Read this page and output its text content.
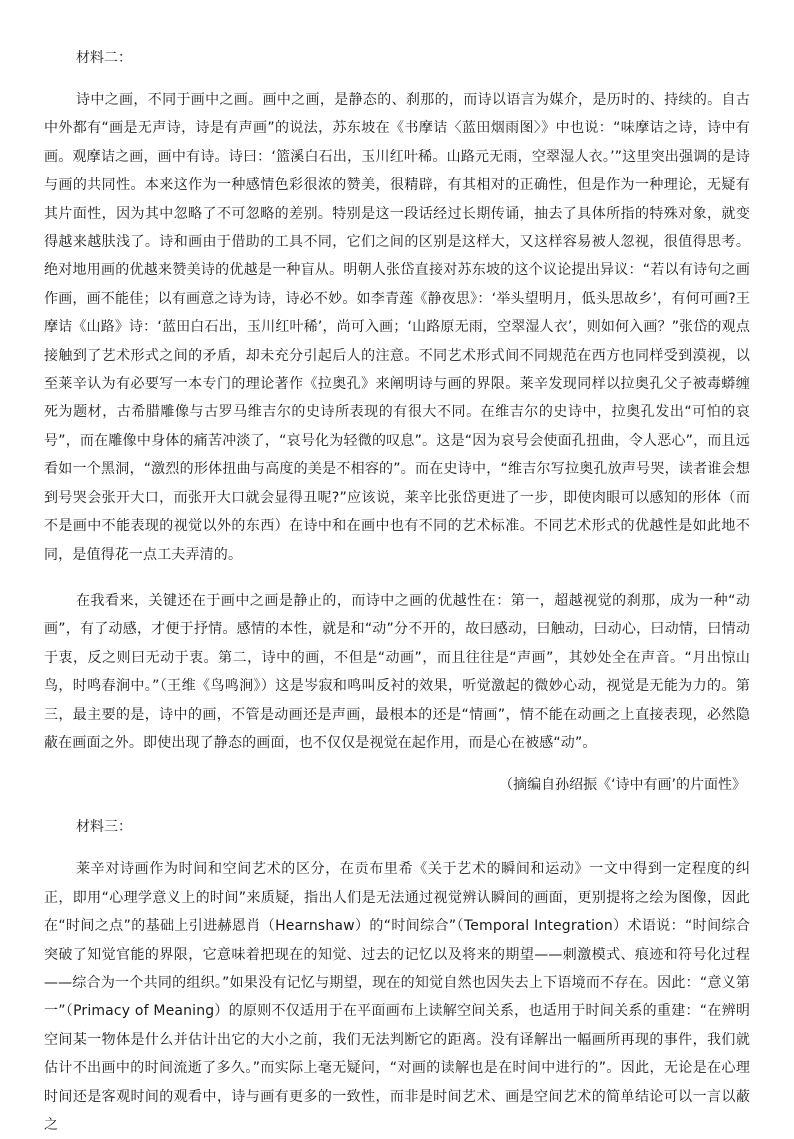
材料二：

诗中之画，不同于画中之画。画中之画，是静态的、刹那的，而诗以语言为媒介，是历时的、持续的。自古中外都有“画是无声诗，诗是有声画”的说法，苏东坡在《书摩诘〈蓝田烟雨图〉》中也说：“味摩诘之诗，诗中有画。观摩诘之画，画中有诗。诗曰：‘篮溪白石出，玉川红叶稀。山路元无雨，空翠湿人衣。’”这里突出强调的是诗与画的共同性。本来这作为一种感情色彩很浓的赞美，很精辟，有其相对的正确性，但是作为一种理论，无疑有其片面性，因为其中忽略了不可忽略的差别。特别是这一段话经过长期传诵，抽去了具体所指的特殊对象，就变得越来越肤浅了。诗和画由于借助的工具不同，它们之间的区别是这样大，又这样容易被人忽视，很值得思考。绝对地用画的优越来赞美诗的优越是一种盲从。明朝人张岱直接对苏东坡的这个议论提出异议：“若以有诗句之画作画，画不能佳；以有画意之诗为诗，诗必不妙。如李青莲《静夜思》：‘举头望明月，低头思故乡’，有何可画?王摩诘《山路》诗：‘蓝田白石出，玉川红叶稀’，尚可入画；‘山路原无雨，空翠湿人衣’，则如何入画？”张岱的观点接触到了艺术形式之间的矛盾，却未充分引起后人的注意。不同艺术形式间不同规范在西方也同样受到漠视，以至莱辛认为有必要写一本专门的理论著作《拉奥孔》来阐明诗与画的界限。莱辛发现同样以拉奥孔父子被毒蟒缠死为题材，古希腊雕像与古罗马维吉尔的史诗所表现的有很大不同。在维吉尔的史诗中，拉奥孔发出“可怕的哀号”，而在雕像中身体的痛苦冲淡了，“哀号化为轻微的叹息”。这是“因为哀号会使面孔扭曲，令人恶心”，而且远看如一个黑洞，“激烈的形体扭曲与高度的美是不相容的”。而在史诗中，“维吉尔写拉奥孔放声号哭，读者谁会想到号哭会张开大口，而张开大口就会显得丑呢?”应该说，莱辛比张岱更进了一步，即使肉眼可以感知的形体（而不是画中不能表现的视觉以外的东西）在诗中和在画中也有不同的艺术标准。不同艺术形式的优越性是如此地不同，是值得花一点工夫弄清的。

在我看来，关键还在于画中之画是静止的，而诗中之画的优越性在：第一，超越视觉的刹那，成为一种“动画”，有了动感，才便于抒情。感情的本性，就是和“动”分不开的，故曰感动，曰触动，曰动心，曰动情，曰情动于衷，反之则曰无动于衷。第二，诗中的画，不但是“动画”，而且往往是“声画”，其妙处全在声音。“月出惊山鸟，时鸣春涧中。”（王维《鸟鸣涧》）这是岑寂和鸣叫反衬的效果，听觉激起的微妙心动，视觉是无能为力的。第三，最主要的是，诗中的画，不管是动画还是声画，最根本的还是“情画”，情不能在动画之上直接表现，必然隐蔽在画面之外。即使出现了静态的画面，也不仅仅是视觉在起作用，而是心在被感“动”。

（摘编自孙绍振《‘诗中有画’的片面性》

材料三：

莱辛对诗画作为时间和空间艺术的区分，在贡布里希《关于艺术的瞬间和运动》一文中得到一定程度的纠正，即用“心理学意义上的时间”来质疑，指出人们是无法通过视觉辨认瞬间的画面，更别提将之绘为图像，因此在“时间之点”的基础上引进赫恩肖（Hearnshaw）的“时间综合”（Temporal Integration）术语说：“时间综合突破了知觉官能的界限，它意味着把现在的知觉、过去的记忆以及将来的期望——刺激模式、痕迹和符号化过程——综合为一个共同的组织。”如果没有记忆与期望，现在的知觉自然也因失去上下语境而不存在。因此：“意义第一”（Primacy of Meaning）的原则不仅适用于在平面画布上读解空间关系，也适用于时间关系的重建：“在辨明空间某一物体是什么并估计出它的大小之前，我们无法判断它的距离。没有译解出一幅画所再现的事件，我们就估计不出画中的时间流逝了多久。”而实际上毫无疑问，“对画的读解也是在时间中进行的”。因此，无论是在心理时间还是客观时间的观看中，诗与画有更多的一致性，而非是时间艺术、画是空间艺术的简单结论可以一言以蔽之
